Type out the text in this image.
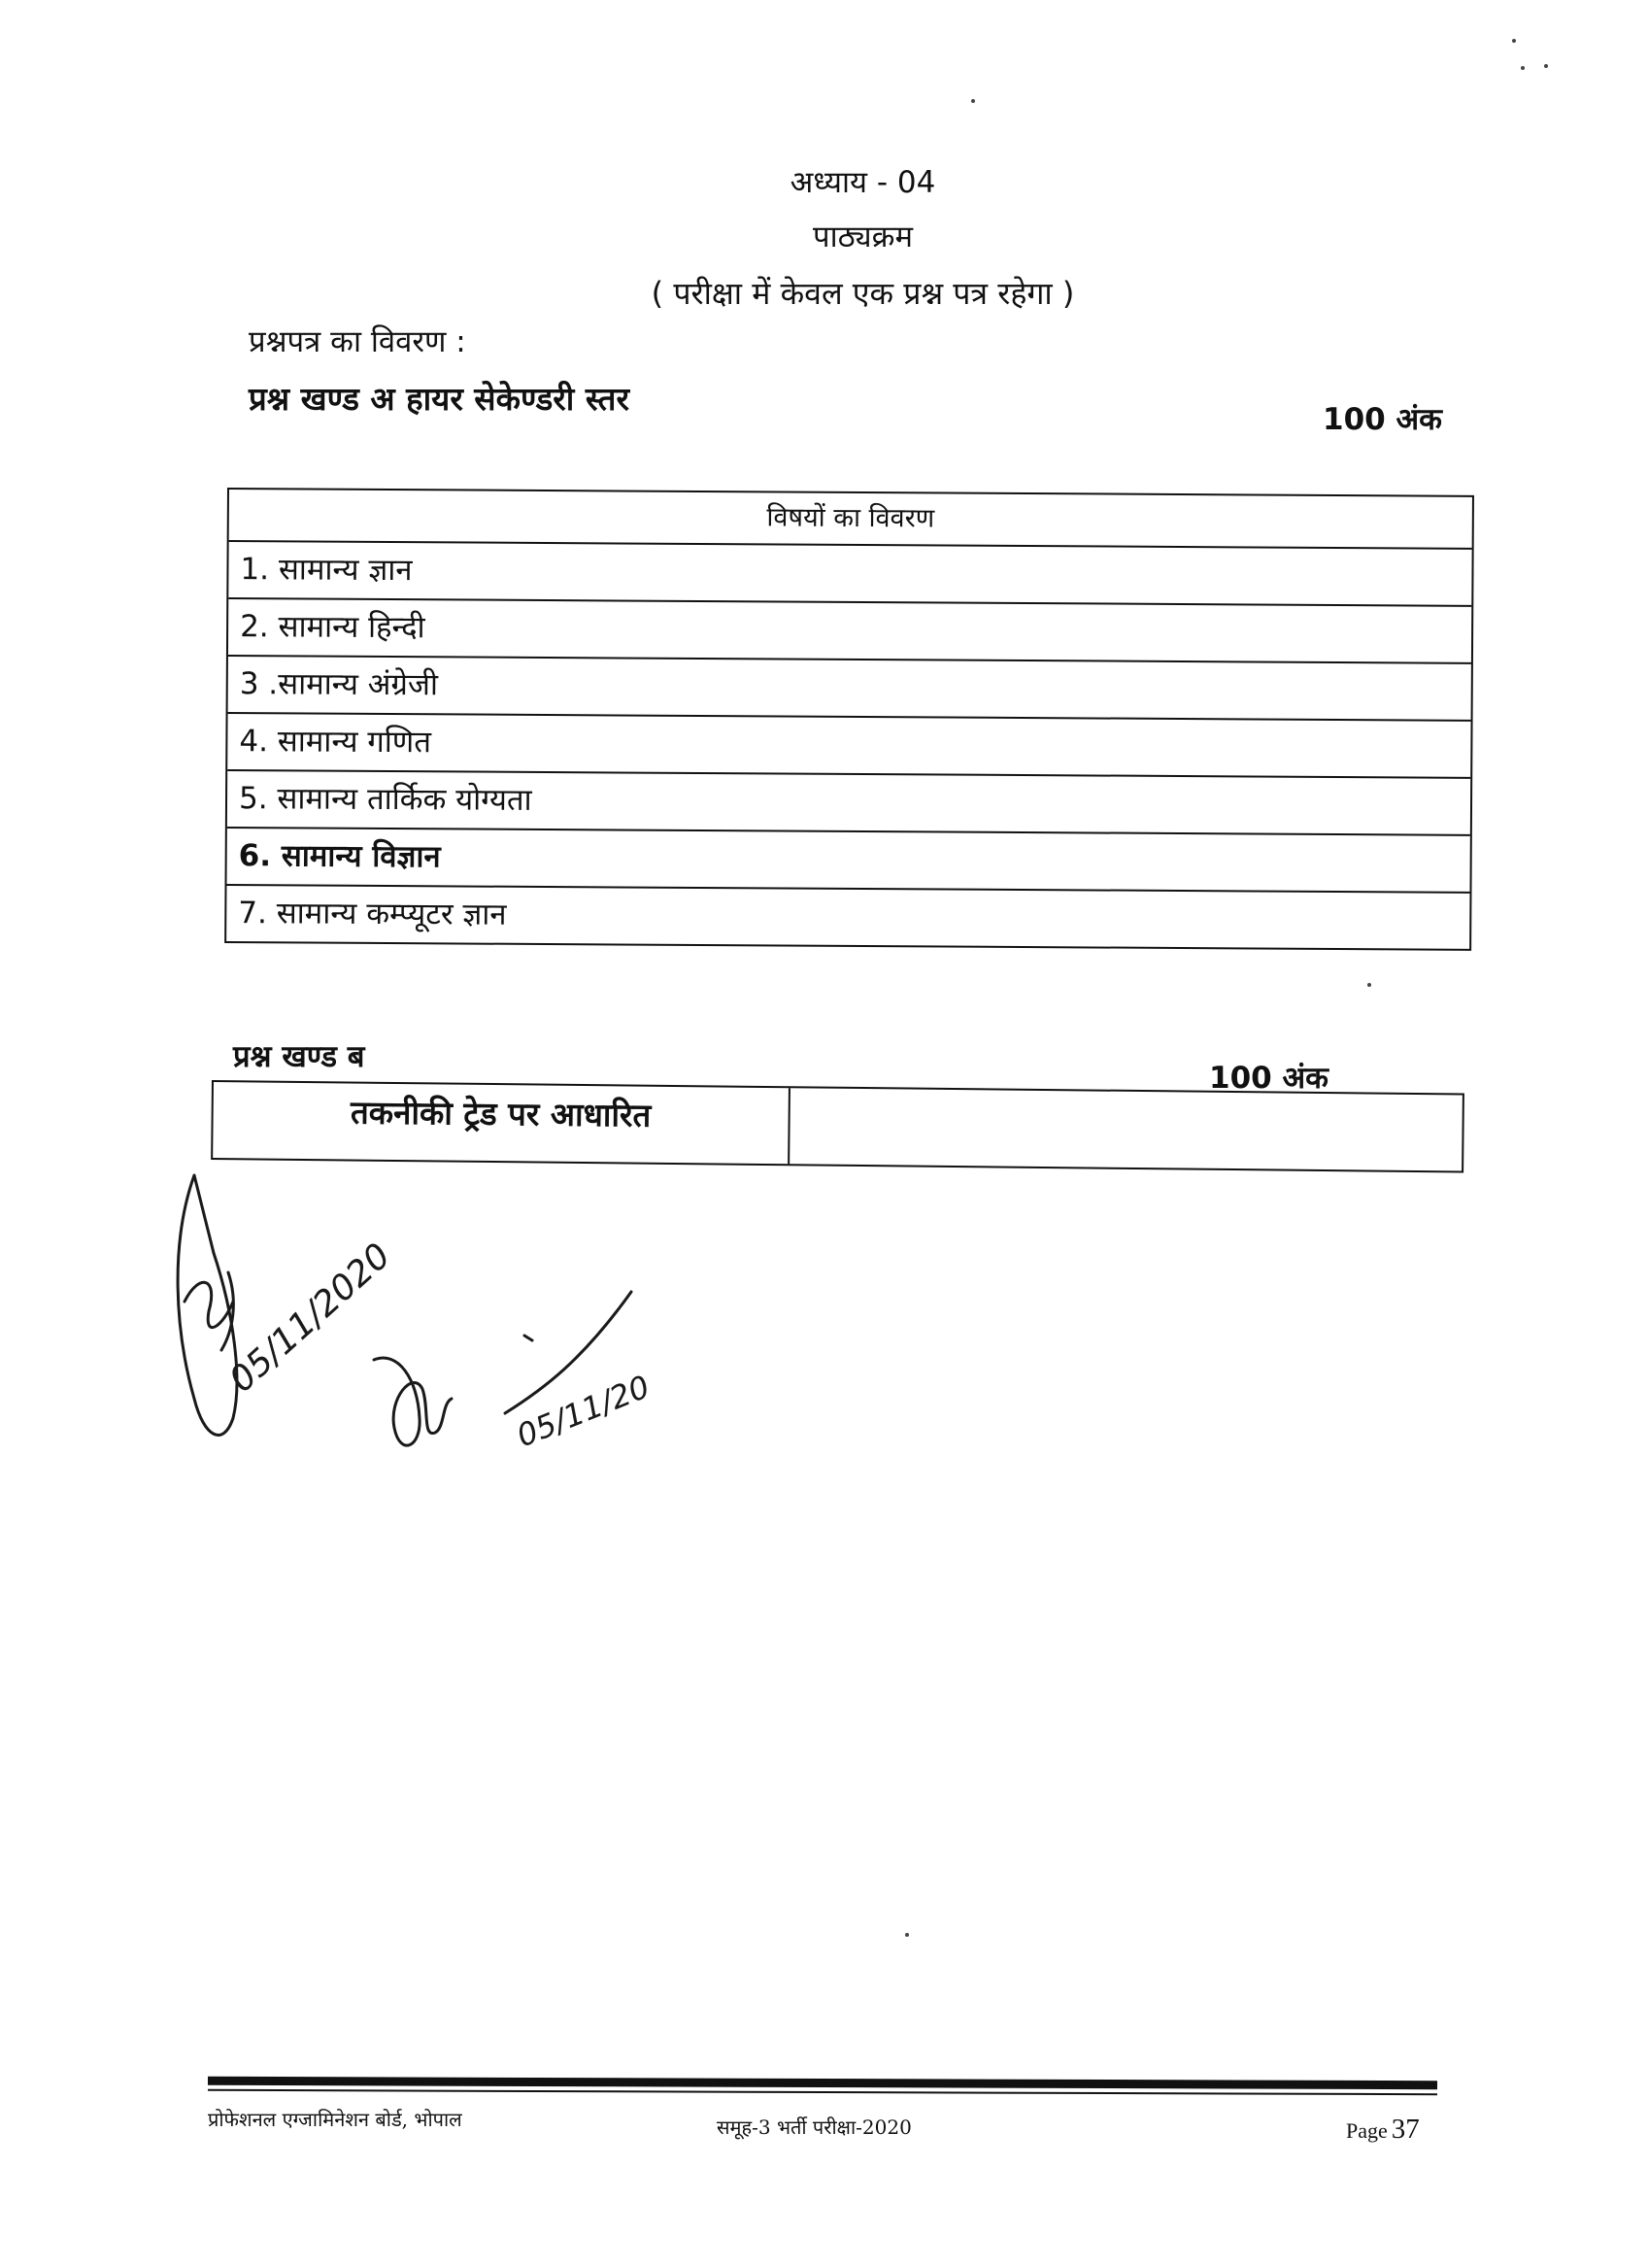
अध्याय - 04
पाठ्यक्रम
( परीक्षा में केवल एक प्रश्न पत्र रहेगा )
प्रश्नपत्र का विवरण :
प्रश्न खण्ड अ हायर सेकेण्डरी स्तर
100 अंक
विषयों का विवरण
1. सामान्य ज्ञान
2. सामान्य हिन्दी
3 .सामान्य अंग्रेजी
4. सामान्य गणित
5. सामान्य तार्किक योग्यता
6. सामान्य विज्ञान
7. सामान्य कम्प्यूटर ज्ञान
प्रश्न खण्ड ब
100 अंक
तकनीकी ट्रेड पर आधारित
05/11/2020
05/11/20
प्रोफेशनल एग्जामिनेशन बोर्ड, भोपाल	समूह-3 भर्ती परीक्षा-2020	Page 37
